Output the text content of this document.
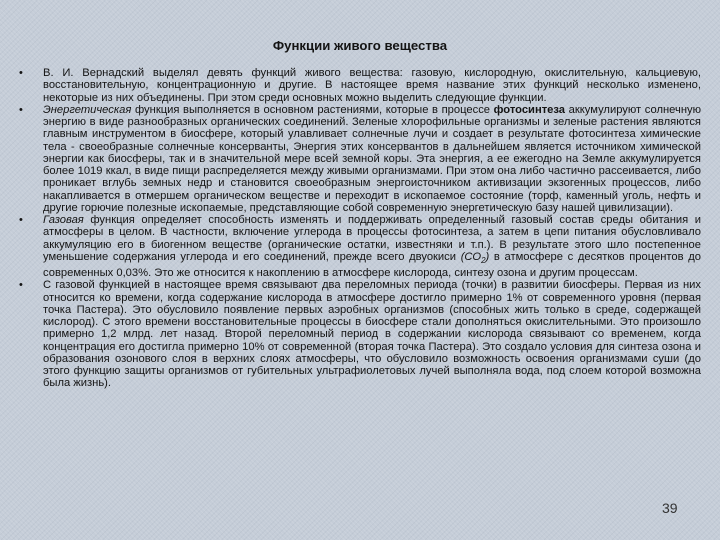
Функции живого вещества
• В. И. Вернадский выделял девять функций живого вещества: газовую, кислородную, окислительную, кальциевую, восстановительную, концентрационную и другие. В настоящее время название этих функций несколько изменено, некоторые из них объединены. При этом среди основных можно выделить следующие функции.
• Энергетическая функция выполняется в основном растениями, которые в процессе фотосинтеза аккумулируют солнечную энергию в виде разнообразных органических соединений. Зеленые хлорофильные организмы и зеленые растения являются главным инструментом в биосфере, который улавливает солнечные лучи и создает в результате фотосинтеза химические тела - своеобразные солнечные консерванты, Энергия этих консервантов в дальнейшем является источником химической энергии как биосферы, так и в значительной мере всей земной коры. Эта энергия, а ее ежегодно на Земле аккумулируется более 1019 ккал, в виде пищи распределяется между живыми организмами. При этом она либо частично рассеивается, либо проникает вглубь земных недр и становится своеобразным энергоисточником активизации экзогенных процессов, либо накапливается в отмершем органическом веществе и переходит в ископаемое состояние (торф, каменный уголь, нефть и другие горючие полезные ископаемые, представляющие собой современную энергетическую базу нашей цивилизации).
• Газовая функция определяет способность изменять и поддерживать определенный газовый состав среды обитания и атмосферы в целом. В частности, включение углерода в процессы фотосинтеза, а затем в цепи питания обусловливало аккумуляцию его в биогенном веществе (органические остатки, известняки и т.п.). В результате этого шло постепенное уменьшение содержания углерода и его соединений, прежде всего двуокиси $(СО_2)$ в атмосфере с десятков процентов до современных 0,03%. Это же относится к накоплению в атмосфере кислорода, синтезу озона и другим процессам.
• С газовой функцией в настоящее время связывают два переломных периода (точки) в развитии биосферы. Первая из них относится ко времени, когда содержание кислорода в атмосфере достигло примерно 1% от современного уровня (первая точка Пастера). Это обусловило появление первых аэробных организмов (способных жить только в среде, содержащей кислород). С этого времени восстановительные процессы в биосфере стали дополняться окислительными. Это произошло примерно 1,2 млрд. лет назад. Второй переломный период в содержании кислорода связывают со временем, когда концентрация его достигла примерно 10% от современной (вторая точка Пастера). Это создало условия для синтеза озона и образования озонового слоя в верхних слоях атмосферы, что обусловило возможность освоения организмами суши (до этого функцию защиты организмов от губительных ультрафиолетовых лучей выполняла вода, под слоем которой возможна была жизнь).
39
